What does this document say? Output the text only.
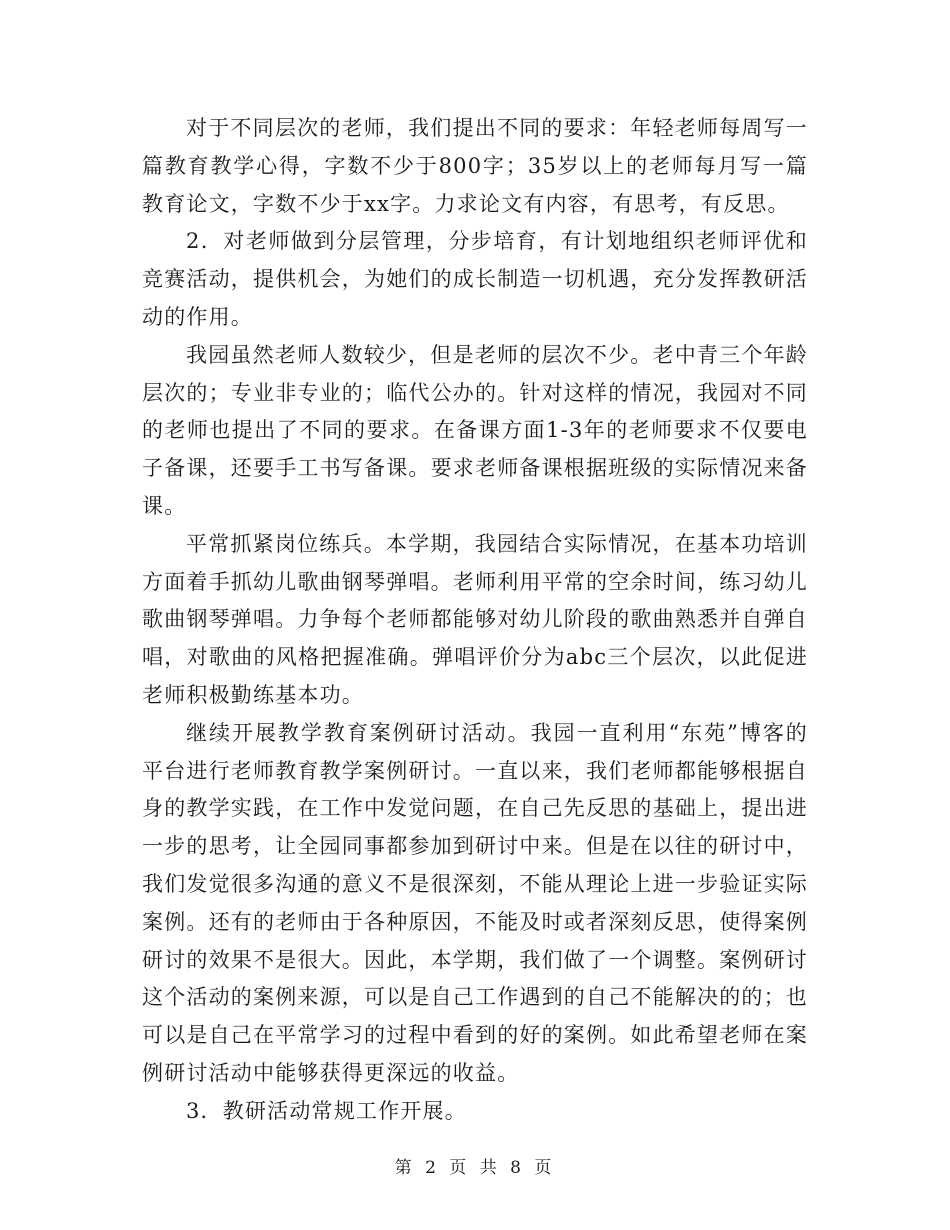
对于不同层次的老师，我们提出不同的要求：年轻老师每周写一篇教育教学心得，字数不少于800字；35岁以上的老师每月写一篇教育论文，字数不少于xx字。力求论文有内容，有思考，有反思。

2．对老师做到分层管理，分步培育，有计划地组织老师评优和竞赛活动，提供机会，为她们的成长制造一切机遇，充分发挥教研活动的作用。

我园虽然老师人数较少，但是老师的层次不少。老中青三个年龄层次的；专业非专业的；临代公办的。针对这样的情况，我园对不同的老师也提出了不同的要求。在备课方面1-3年的老师要求不仅要电子备课，还要手工书写备课。要求老师备课根据班级的实际情况来备课。

平常抓紧岗位练兵。本学期，我园结合实际情况，在基本功培训方面着手抓幼儿歌曲钢琴弹唱。老师利用平常的空余时间，练习幼儿歌曲钢琴弹唱。力争每个老师都能够对幼儿阶段的歌曲熟悉并自弹自唱，对歌曲的风格把握准确。弹唱评价分为abc三个层次，以此促进老师积极勤练基本功。

继续开展教学教育案例研讨活动。我园一直利用“东苑”博客的平台进行老师教育教学案例研讨。一直以来，我们老师都能够根据自身的教学实践，在工作中发觉问题，在自己先反思的基础上，提出进一步的思考，让全园同事都参加到研讨中来。但是在以往的研讨中，我们发觉很多沟通的意义不是很深刻，不能从理论上进一步验证实际案例。还有的老师由于各种原因，不能及时或者深刻反思，使得案例研讨的效果不是很大。因此，本学期，我们做了一个调整。案例研讨这个活动的案例来源，可以是自己工作遇到的自己不能解决的的；也可以是自己在平常学习的过程中看到的好的案例。如此希望老师在案例研讨活动中能够获得更深远的收益。

3．教研活动常规工作开展。

第 2 页 共 8 页
